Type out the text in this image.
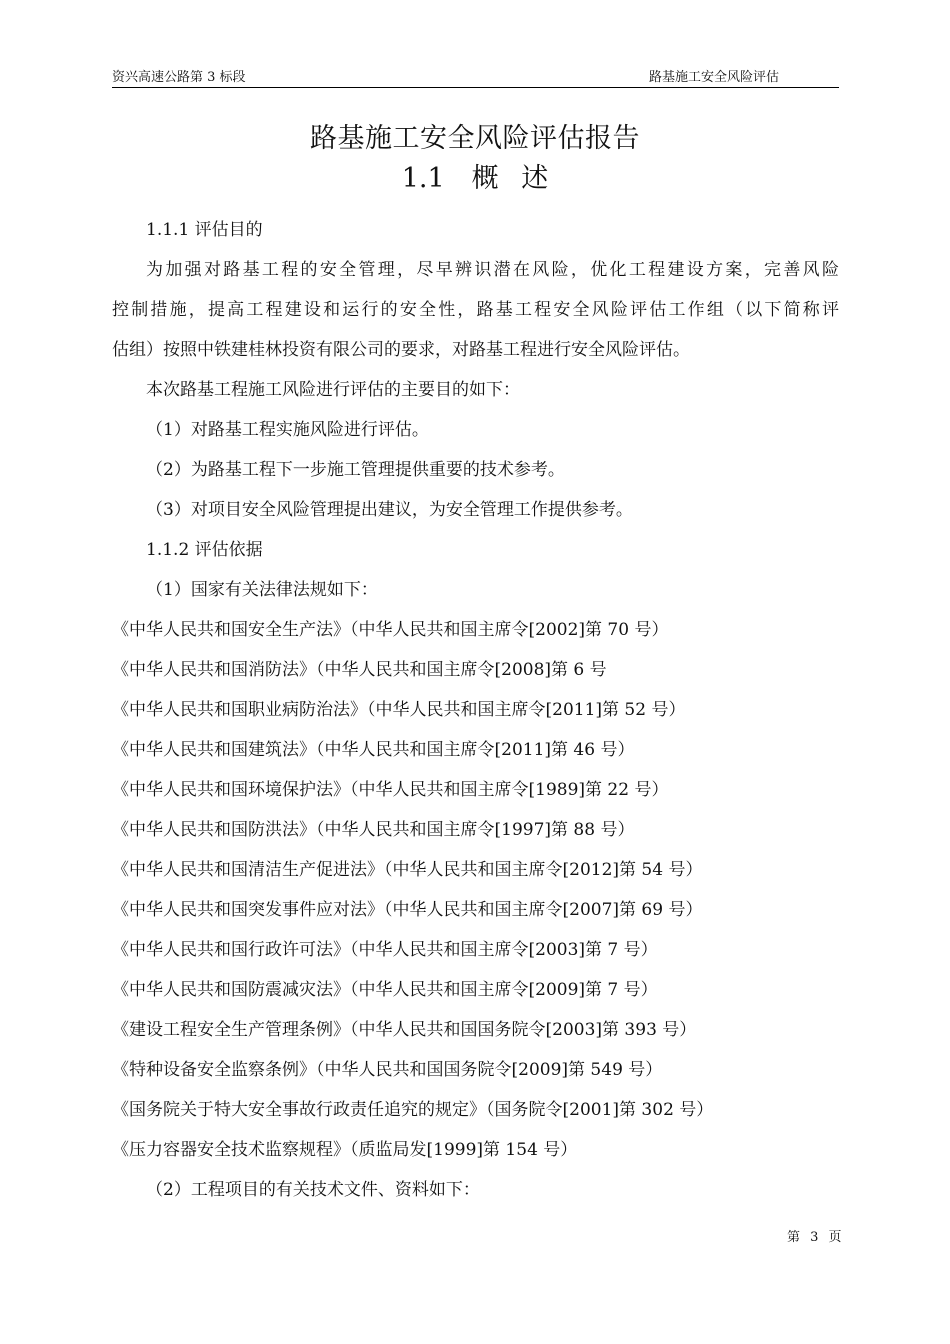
资兴高速公路第 3 标段	路基施工安全风险评估
路基施工安全风险评估报告
1.1　概 述
1.1.1 评估目的
为加强对路基工程的安全管理，尽早辨识潜在风险，优化工程建设方案，完善风险
控制措施，提高工程建设和运行的安全性，路基工程安全风险评估工作组（以下简称评
估组）按照中铁建桂林投资有限公司的要求，对路基工程进行安全风险评估。
本次路基工程施工风险进行评估的主要目的如下：
（1）对路基工程实施风险进行评估。
（2）为路基工程下一步施工管理提供重要的技术参考。
（3）对项目安全风险管理提出建议，为安全管理工作提供参考。
1.1.2 评估依据
（1）国家有关法律法规如下：
《中华人民共和国安全生产法》（中华人民共和国主席令[2002]第 70 号）
《中华人民共和国消防法》（中华人民共和国主席令[2008]第 6 号
《中华人民共和国职业病防治法》（中华人民共和国主席令[2011]第 52 号）
《中华人民共和国建筑法》（中华人民共和国主席令[2011]第 46 号）
《中华人民共和国环境保护法》（中华人民共和国主席令[1989]第 22 号）
《中华人民共和国防洪法》（中华人民共和国主席令[1997]第 88 号）
《中华人民共和国清洁生产促进法》（中华人民共和国主席令[2012]第 54 号）
《中华人民共和国突发事件应对法》（中华人民共和国主席令[2007]第 69 号）
《中华人民共和国行政许可法》（中华人民共和国主席令[2003]第 7 号）
《中华人民共和国防震减灾法》（中华人民共和国主席令[2009]第 7 号）
《建设工程安全生产管理条例》（中华人民共和国国务院令[2003]第 393 号）
《特种设备安全监察条例》（中华人民共和国国务院令[2009]第 549 号）
《国务院关于特大安全事故行政责任追究的规定》（国务院令[2001]第 302 号）
《压力容器安全技术监察规程》（质监局发[1999]第 154 号）
（2）工程项目的有关技术文件、资料如下：
第 3 页
